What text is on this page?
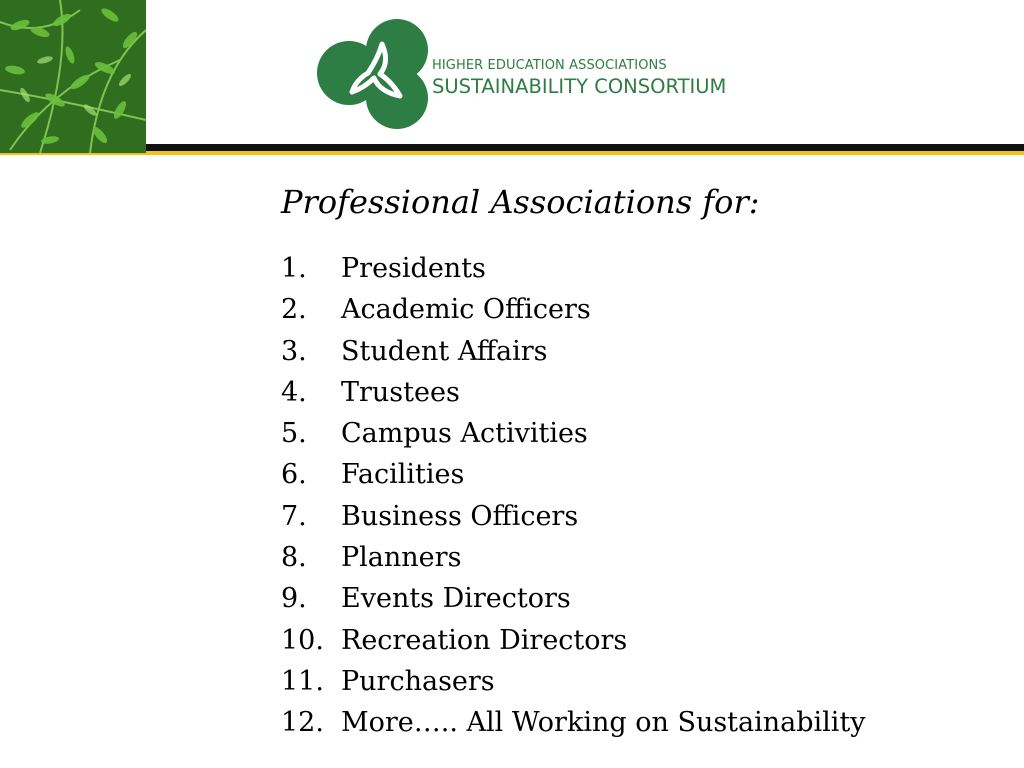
HIGHER EDUCATION ASSOCIATIONS
SUSTAINABILITY CONSORTIUM
Professional Associations for:
1.	Presidents
2.	Academic Officers
3.	Student Affairs
4.	Trustees
5.	Campus Activities
6.	Facilities
7.	Business Officers
8.	Planners
9.	Events Directors
10. Recreation Directors
11. Purchasers
12. More….. All Working on Sustainability
